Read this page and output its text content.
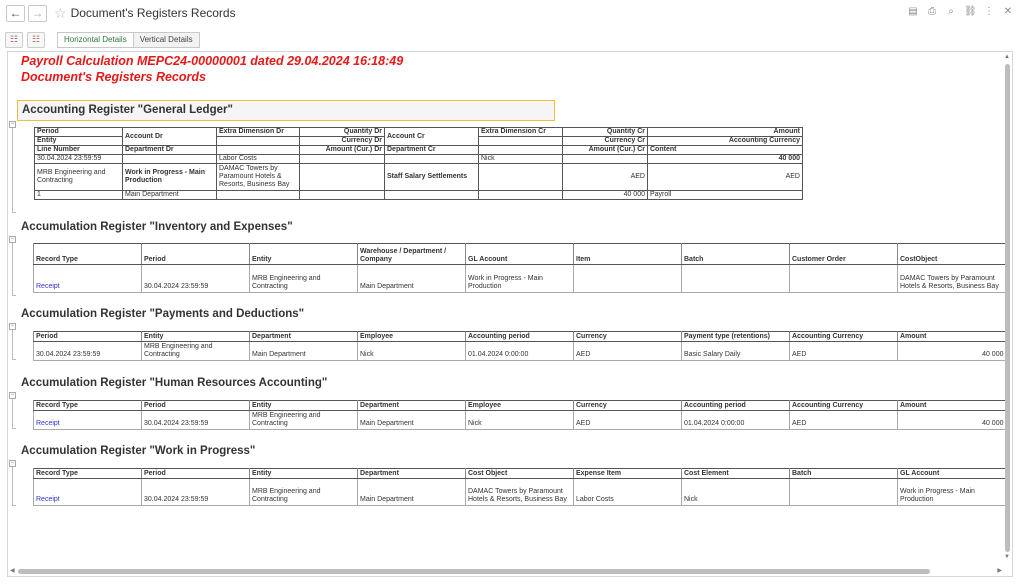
← → ☆ Document's Registers Records	▤ ⎙	⌕	⛓ ⋮ ✕
☷	☷	Horizontal Details	Vertical Details
Payroll Calculation MEPC24-00000001 dated 29.04.2024 16:18:49
Document's Registers Records
Accounting Register "General Ledger"
−
Period	Account Dr	Extra Dimension Dr	Quantity Dr	Account Cr	Extra Dimension Cr	Quantity Cr	Amount
Entity			Currency Dr			Currency Cr	Accounting Currency
Line Number	Department Dr		Amount (Cur.) Dr	Department Cr		Amount (Cur.) Cr	Content
30.04.2024 23:59:59		Labor Costs			Nick		40 000
MRB Engineering and Contracting	Work in Progress - Main Production	DAMAC Towers by Paramount Hotels & Resorts, Business Bay		Staff Salary Settlements		AED	AED
1	Main Department					40 000	Payroll
Accumulation Register "Inventory and Expenses"
−
Record Type	Period	Entity	Warehouse / Department / Company	GL Account	Item	Batch	Customer Order	CostObject
Receipt	30.04.2024 23:59:59	MRB Engineering and Contracting	Main Department	Work in Progress - Main Production				DAMAC Towers by Paramount Hotels & Resorts, Business Bay
Accumulation Register "Payments and Deductions"
−
Period	Entity	Department	Employee	Accounting period	Currency	Payment type (retentions)	Accounting Currency	Amount
30.04.2024 23:59:59	MRB Engineering and Contracting	Main Department	Nick	01.04.2024 0:00:00	AED	Basic Salary Daily	AED	40 000
Accumulation Register "Human Resources Accounting"
−
Record Type	Period	Entity	Department	Employee	Currency	Accounting period	Accounting Currency	Amount
Receipt	30.04.2024 23:59:59	MRB Engineering and Contracting	Main Department	Nick	AED	01.04.2024 0:00:00	AED	40 000
Accumulation Register "Work in Progress"
−
Record Type	Period	Entity	Department	Cost Object	Expense Item	Cost Element	Batch	GL Account
Receipt	30.04.2024 23:59:59	MRB Engineering and Contracting	Main Department	DAMAC Towers by Paramount Hotels & Resorts, Business Bay	Labor Costs	Nick		Work in Progress - Main Production
▲
▼
◀	▶
